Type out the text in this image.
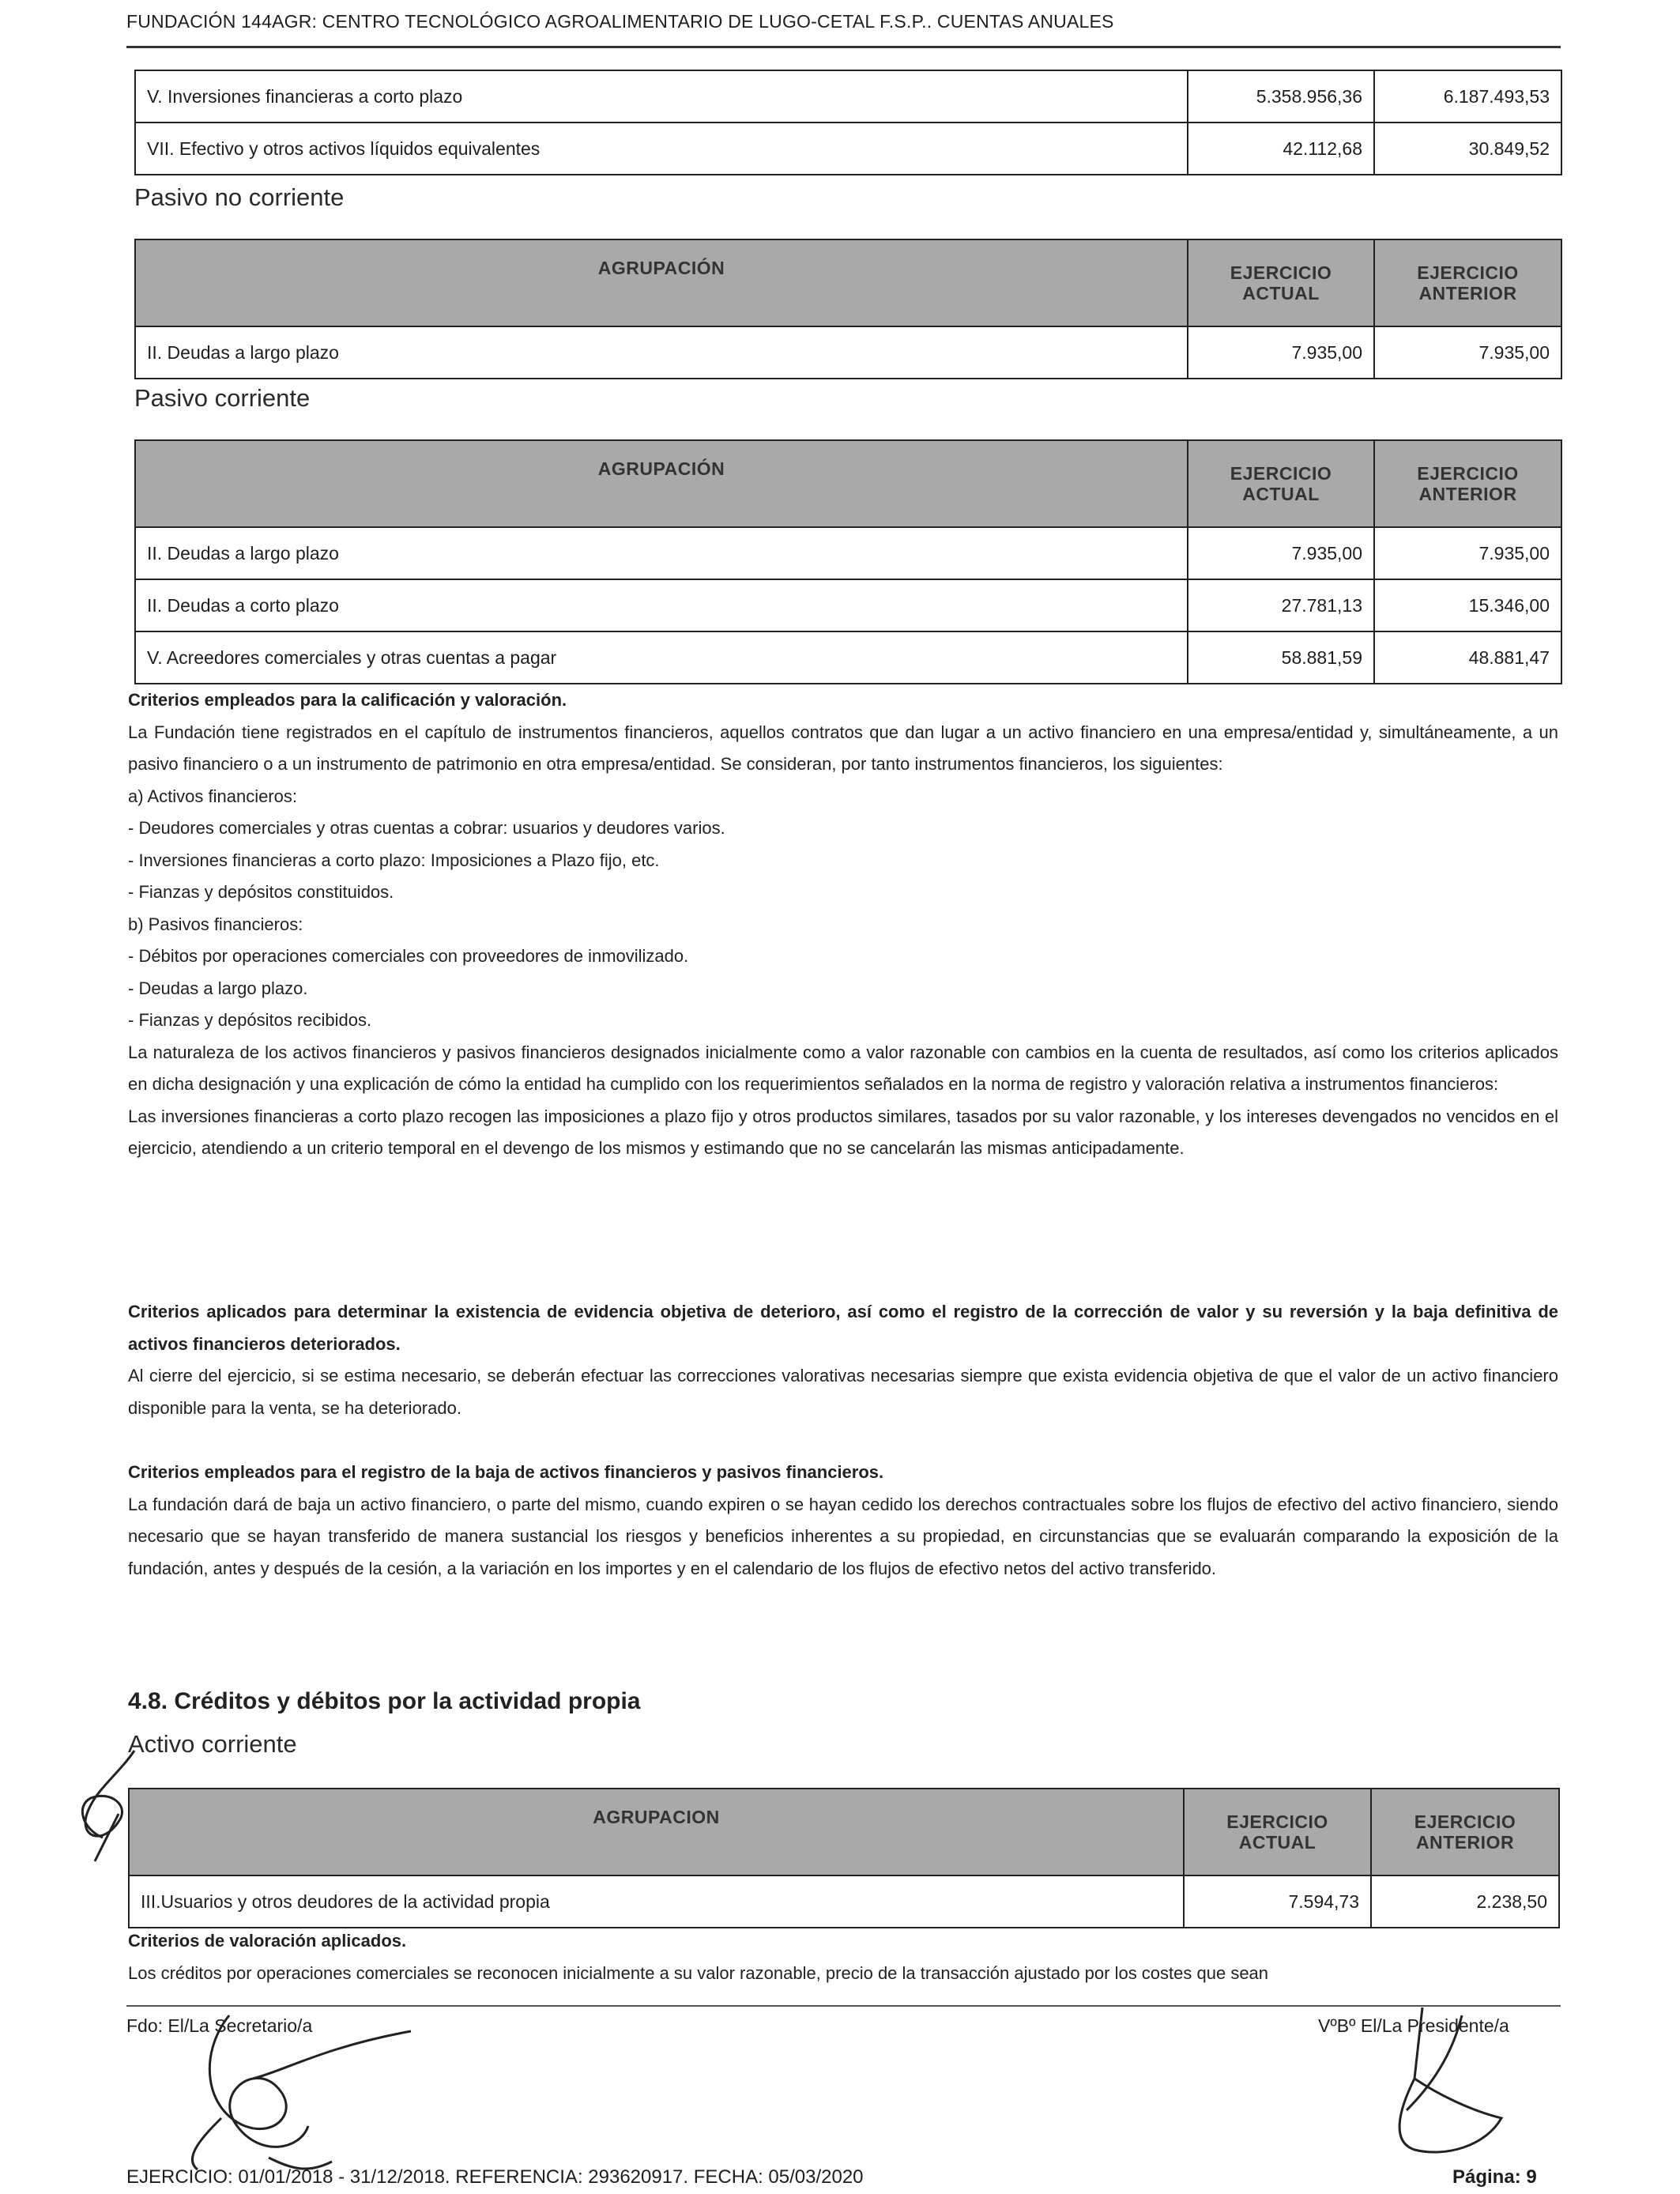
FUNDACIÓN 144AGR: CENTRO TECNOLÓGICO AGROALIMENTARIO DE LUGO-CETAL F.S.P.. CUENTAS ANUALES
V. Inversiones financieras a corto plazo	5.358.956,36	6.187.493,53
VII. Efectivo y otros activos líquidos equivalentes	42.112,68	30.849,52
Pasivo no corriente
AGRUPACIÓN	EJERCICIO ACTUAL	EJERCICIO ANTERIOR
II. Deudas a largo plazo	7.935,00	7.935,00
Pasivo corriente
AGRUPACIÓN	EJERCICIO ACTUAL	EJERCICIO ANTERIOR
II. Deudas a largo plazo	7.935,00	7.935,00
II. Deudas a corto plazo	27.781,13	15.346,00
V. Acreedores comerciales y otras cuentas a pagar	58.881,59	48.881,47

Criterios empleados para la calificación y valoración.

La Fundación tiene registrados en el capítulo de instrumentos financieros, aquellos contratos que dan lugar a un activo financiero en una empresa/entidad y, simultáneamente, a un pasivo financiero o a un instrumento de patrimonio en otra empresa/entidad. Se consideran, por tanto instrumentos financieros, los siguientes:

a) Activos financieros:

- Deudores comerciales y otras cuentas a cobrar: usuarios y deudores varios.

- Inversiones financieras a corto plazo: Imposiciones a Plazo fijo, etc.

- Fianzas y depósitos constituidos.

b) Pasivos financieros:

- Débitos por operaciones comerciales con proveedores de inmovilizado.

- Deudas a largo plazo.

- Fianzas y depósitos recibidos.

La naturaleza de los activos financieros y pasivos financieros designados inicialmente como a valor razonable con cambios en la cuenta de resultados, así como los criterios aplicados en dicha designación y una explicación de cómo la entidad ha cumplido con los requerimientos señalados en la norma de registro y valoración relativa a instrumentos financieros:

Las inversiones financieras a corto plazo recogen las imposiciones a plazo fijo y otros productos similares, tasados por su valor razonable, y los intereses devengados no vencidos en el ejercicio, atendiendo a un criterio temporal en el devengo de los mismos y estimando que no se cancelarán las mismas anticipadamente.

Criterios aplicados para determinar la existencia de evidencia objetiva de deterioro, así como el registro de la corrección de valor y su reversión y la baja definitiva de activos financieros deteriorados.

Al cierre del ejercicio, si se estima necesario, se deberán efectuar las correcciones valorativas necesarias siempre que exista evidencia objetiva de que el valor de un activo financiero disponible para la venta, se ha deteriorado.

Criterios empleados para el registro de la baja de activos financieros y pasivos financieros.

La fundación dará de baja un activo financiero, o parte del mismo, cuando expiren o se hayan cedido los derechos contractuales sobre los flujos de efectivo del activo financiero, siendo necesario que se hayan transferido de manera sustancial los riesgos y beneficios inherentes a su propiedad, en circunstancias que se evaluarán comparando la exposición de la fundación, antes y después de la cesión, a la variación en los importes y en el calendario de los flujos de efectivo netos del activo transferido.

4.8. Créditos y débitos por la actividad propia
Activo corriente
AGRUPACION	EJERCICIO ACTUAL	EJERCICIO ANTERIOR
III.Usuarios y otros deudores de la actividad propia	7.594,73	2.238,50

Criterios de valoración aplicados.

Los créditos por operaciones comerciales se reconocen inicialmente a su valor razonable, precio de la transacción ajustado por los costes que sean

Fdo: El/La Secretario/a	VºBº El/La Presidente/a
EJERCICIO: 01/01/2018 - 31/12/2018. REFERENCIA: 293620917. FECHA: 05/03/2020	Página: 9
